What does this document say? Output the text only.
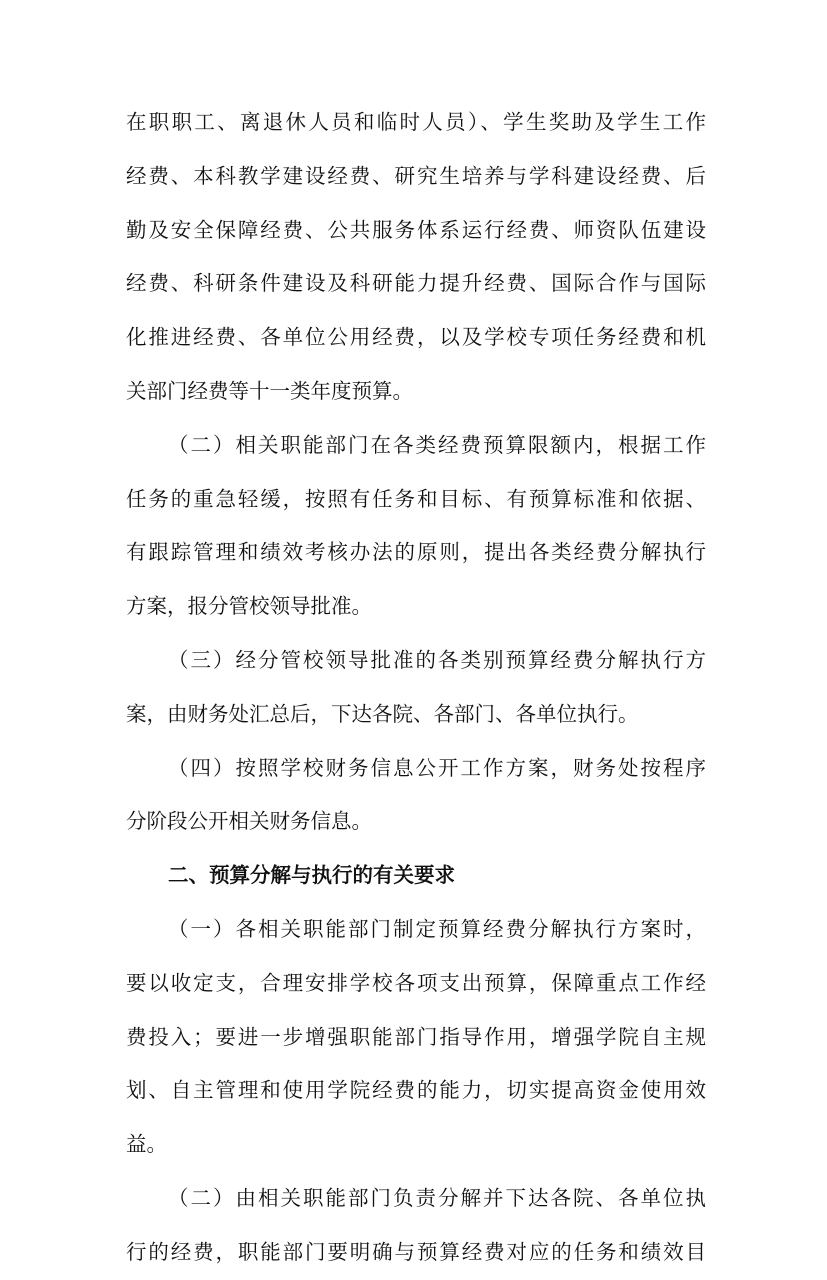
在职职工、离退休人员和临时人员）、学生奖助及学生工作
经费、本科教学建设经费、研究生培养与学科建设经费、后
勤及安全保障经费、公共服务体系运行经费、师资队伍建设
经费、科研条件建设及科研能力提升经费、国际合作与国际
化推进经费、各单位公用经费，以及学校专项任务经费和机
关部门经费等十一类年度预算。
（二）相关职能部门在各类经费预算限额内，根据工作
任务的重急轻缓，按照有任务和目标、有预算标准和依据、
有跟踪管理和绩效考核办法的原则，提出各类经费分解执行
方案，报分管校领导批准。
（三）经分管校领导批准的各类别预算经费分解执行方
案，由财务处汇总后，下达各院、各部门、各单位执行。
（四）按照学校财务信息公开工作方案，财务处按程序
分阶段公开相关财务信息。
二、预算分解与执行的有关要求
（一）各相关职能部门制定预算经费分解执行方案时，
要以收定支，合理安排学校各项支出预算，保障重点工作经
费投入；要进一步增强职能部门指导作用，增强学院自主规
划、自主管理和使用学院经费的能力，切实提高资金使用效
益。
（二）由相关职能部门负责分解并下达各院、各单位执
行的经费，职能部门要明确与预算经费对应的任务和绩效目
